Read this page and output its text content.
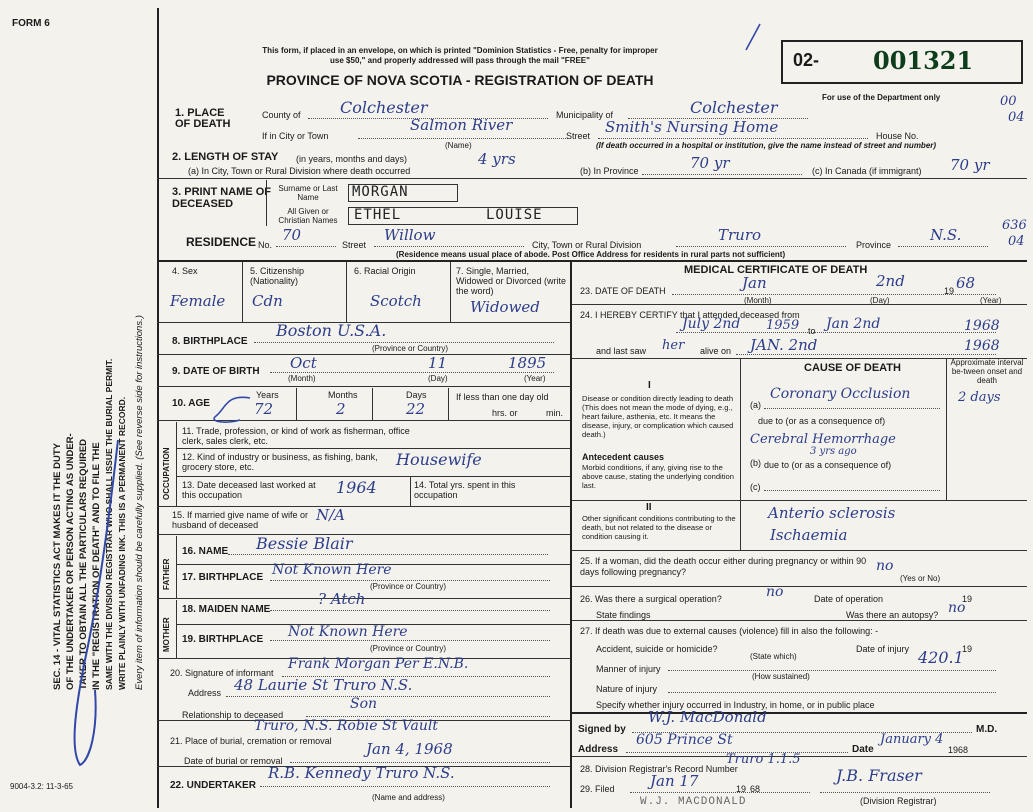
FORM 6
SEC. 14 - VITAL STATISTICS ACT MAKES IT THE DUTY OF THE UNDERTAKER OR PERSON ACTING AS UNDER- TAKER TO OBTAIN ALL THE PARTICULARS REQUIRED IN THE "REGISTRATION OF DEATH" AND TO FILE THE SAME WITH THE DIVISION REGISTRAR WHO SHALL ISSUE THE BURIAL PERMIT. WRITE PLAINLY WITH UNFADING INK. THIS IS A PERMANENT RECORD. Every item of information should be carefully supplied. (See reverse side for instructions.)
9004-3.2: 11-3-65
This form, if placed in an envelope, on which is printed "Dominion Statistics - Free, penalty for improper
use $50," and properly addressed will pass through the mail "FREE"
PROVINCE OF NOVA SCOTIA - REGISTRATION OF DEATH
02- 001321
For use of the Department only	00
04
1. PLACE OF DEATH
County of Colchester	Municipality of	Colchester
If in City or Town
Salmon River
(Name)
Street Smith's Nursing Home	House No.
(If death occurred in a hospital or institution, give the name instead of street and number)
2. LENGTH OF STAY (in years, months and days)
(a) In City, Town or Rural Division where death occurred
4 yrs
(b) In Province	70 yr	(c) In Canada (if immigrant) 70 yr
3. PRINT NAME OF DECEASED
Surname or Last Name	MORGAN
All Given or Christian Names	ETHEL	LOUISE
RESIDENCE No.
70
Street
Willow
City, Town or Rural Division
Truro
Province
N.S.
636
04
(Residence means usual place of abode. Post Office Address for residents in rural parts not sufficient)
4. Sex	5. Citizenship (Nationality)
6. Racial Origin	7. Single, Married, Widowed or Divorced (write the word)
Female Cdn	Scotch	Widowed
8. BIRTHPLACE
Boston U.S.A.
(Province or Country)
9. DATE OF BIRTH Oct	11	1895
(Month)	(Day)	(Year)
10. AGE
Years	Months	Days
72	2	22
If less than one day old
hrs. or	min.
OCCUPATION
11. Trade, profession, or kind of work as fisherman, office clerk, sales clerk, etc.
12. Kind of industry or business, as fishing, bank, grocery store, etc.	Housewife
13. Date deceased last worked at this occupation	1964	14. Total yrs. spent in this occupation
15. If married give name of wife or husband of deceased
N/A
FATHER
16. NAME Bessie Blair
17. BIRTHPLACE Not Known Here
(Province or Country)
MOTHER
18. MAIDEN NAME
? Atch
19. BIRTHPLACE Not Known Here
(Province or Country)
20. Signature of informant
Frank Morgan Per E.N.B.
Address 48 Laurie St Truro N.S.
Relationship to deceased
Son
21. Place of burial, cremation or removal
Truro, N.S. Robie St Vault
Date of burial or removal
Jan 4, 1968
22. UNDERTAKER
R.B. Kennedy Truro N.S.
(Name and address)
MEDICAL CERTIFICATE OF DEATH
23. DATE OF DEATH	Jan	2nd
19 68
(Month)	(Day)	(Year)
24. I HEREBY CERTIFY that I attended deceased from
July 2nd 1959 to Jan 2nd	1968
and last saw her alive on JAN. 2nd	1968
CAUSE OF DEATH	Approximate interval be-tween onset and death
I
Disease or condition directly leading to death (This does not mean the mode of dying, e.g., heart failure, asthenia, etc. It means the disease, injury, or complication which caused death.)
(a)
Coronary Occlusion	2 days
due to (or as a consequence of)
Cerebral Hemorrhage
3 yrs ago
(b) due to (or as a consequence of)
Antecedent causes
Morbid conditions, if any, giving rise to the above cause, stating the underlying condition last.	(c)
II
Other significant conditions contributing to the death, but not related to the disease or condition causing it.
Anterio sclerosis
Ischaemia
25. If a woman, did the death occur either during pregnancy or within 90 days following pregnancy?	no
(Yes or No)
26. Was there a surgical operation?	no	Date of operation	19
State findings	Was there an autopsy? no
27. If death was due to external causes (violence) fill in also the following: -
Accident, suicide or homicide?
(State which)
Date of injury	19
Manner of injury
420.1
(How sustained)
Nature of injury
Specify whether injury occurred in Industry, in home, or in public place
Signed by
W.J. MacDonald
M.D.
Address
605 Prince St
Date
January 4
1968
28. Division Registrar's Record Number
Truro 1.1.5
29. Filed Jan 17	19 68
J.B. Fraser
(Division Registrar)
W.J. MACDONALD
